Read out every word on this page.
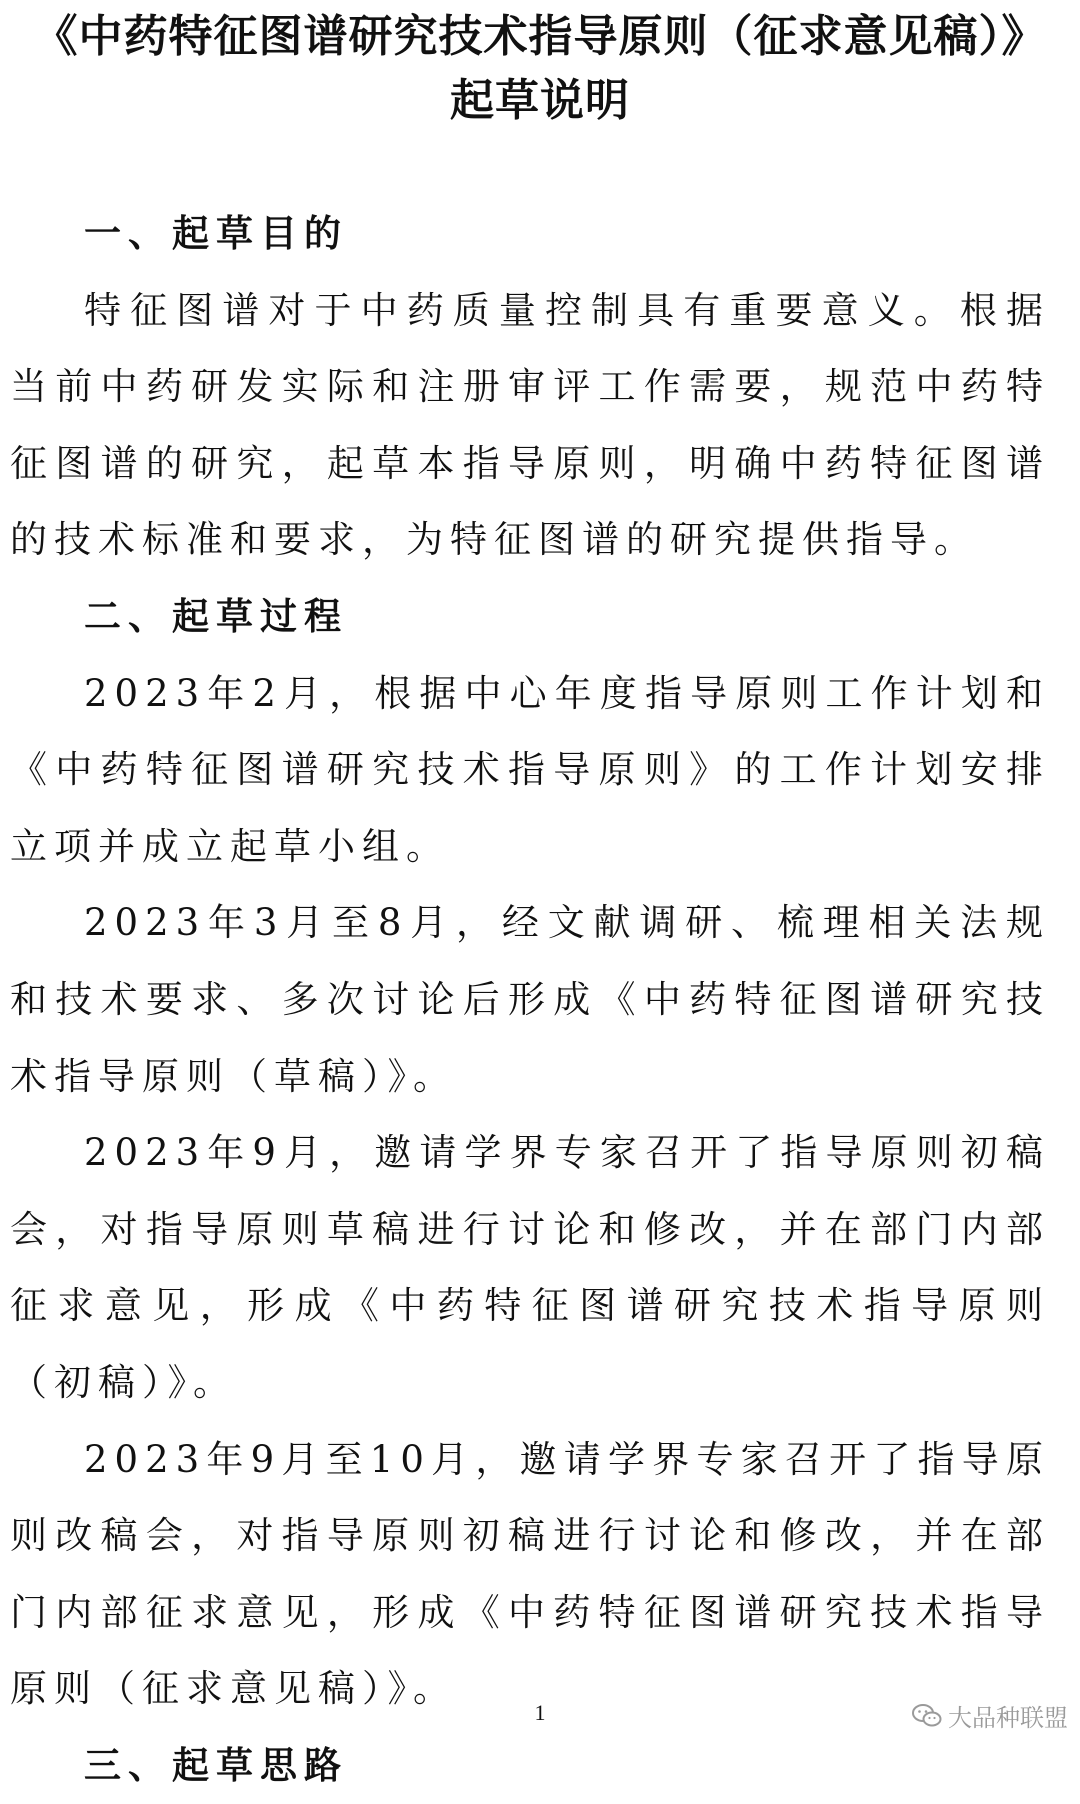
《中药特征图谱研究技术指导原则（征求意见稿）》
起草说明

一、起草目的

特征图谱对于中药质量控制具有重要意义。根据当前中药研发实际和注册审评工作需要，规范中药特征图谱的研究，起草本指导原则，明确中药特征图谱的技术标准和要求，为特征图谱的研究提供指导。

二、起草过程

2023年2月，根据中心年度指导原则工作计划和《中药特征图谱研究技术指导原则》的工作计划安排立项并成立起草小组。

2023年3月至8月，经文献调研、梳理相关法规和技术要求、多次讨论后形成《中药特征图谱研究技术指导原则（草稿）》。

2023年9月，邀请学界专家召开了指导原则初稿会，对指导原则草稿进行讨论和修改，并在部门内部征求意见，形成《中药特征图谱研究技术指导原则（初稿）》。

2023年9月至10月，邀请学界专家召开了指导原则改稿会，对指导原则初稿进行讨论和修改，并在部门内部征求意见，形成《中药特征图谱研究技术指导原则（征求意见稿）》。

三、起草思路

1	大品种联盟
